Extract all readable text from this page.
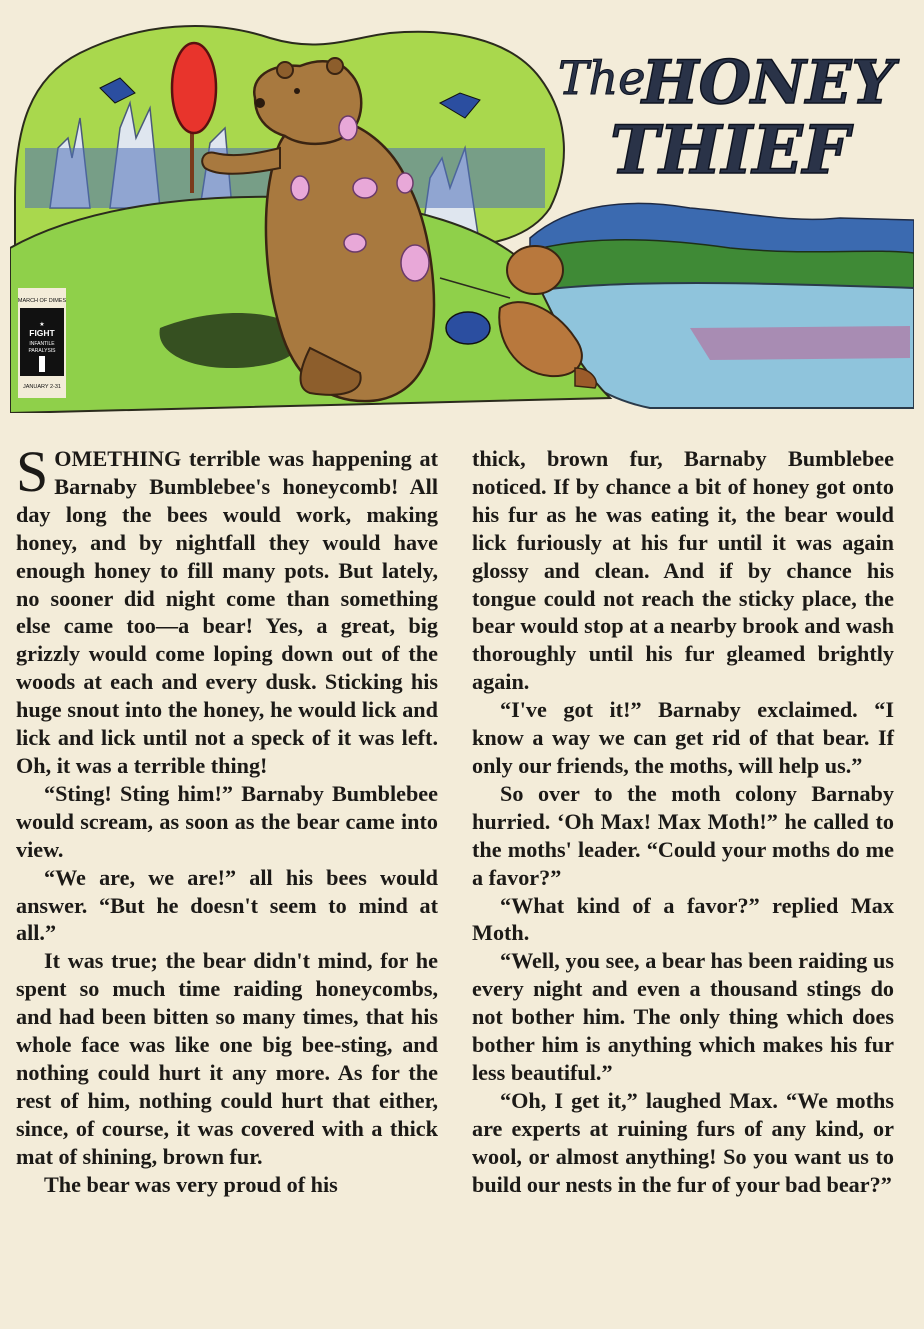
MARCH OF DIMES
★
FIGHT
INFANTILE
PARALYSIS
JANUARY 2-31
The
HONEY
THIEF

SOMETHING terrible was happening at Barnaby Bumblebee's honeycomb! All day long the bees would work, making honey, and by nightfall they would have enough honey to fill many pots. But lately, no sooner did night come than something else came too—a bear! Yes, a great, big grizzly would come loping down out of the woods at each and every dusk. Sticking his huge snout into the honey, he would lick and lick and lick until not a speck of it was left. Oh, it was a terrible thing!

“Sting! Sting him!” Barnaby Bumblebee would scream, as soon as the bear came into view.

“We are, we are!” all his bees would answer. “But he doesn't seem to mind at all.”

It was true; the bear didn't mind, for he spent so much time raiding honeycombs, and had been bitten so many times, that his whole face was like one big bee-sting, and nothing could hurt it any more. As for the rest of him, nothing could hurt that either, since, of course, it was covered with a thick mat of shining, brown fur.

The bear was very proud of his

thick, brown fur, Barnaby Bumblebee noticed. If by chance a bit of honey got onto his fur as he was eating it, the bear would lick furiously at his fur until it was again glossy and clean. And if by chance his tongue could not reach the sticky place, the bear would stop at a nearby brook and wash thoroughly until his fur gleamed brightly again.

“I've got it!” Barnaby exclaimed. “I know a way we can get rid of that bear. If only our friends, the moths, will help us.”

So over to the moth colony Barnaby hurried. ‘Oh Max! Max Moth!” he called to the moths' leader. “Could your moths do me a favor?”

“What kind of a favor?” replied Max Moth.

“Well, you see, a bear has been raiding us every night and even a thousand stings do not bother him. The only thing which does bother him is anything which makes his fur less beautiful.”

“Oh, I get it,” laughed Max. “We moths are experts at ruining furs of any kind, or wool, or almost anything! So you want us to build our nests in the fur of your bad bear?”
